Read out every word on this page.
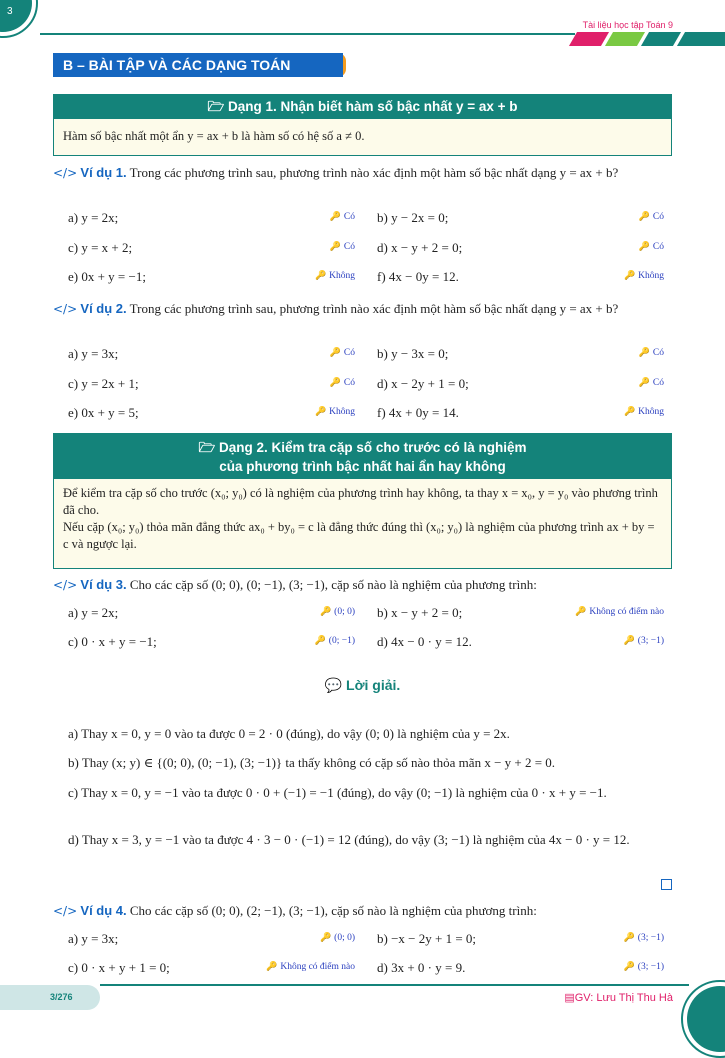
3
Tài liệu học tập Toán 9
B – BÀI TẬP VÀ CÁC DẠNG TOÁN
🗁 Dạng 1. Nhận biết hàm số bậc nhất y = ax + b
Hàm số bậc nhất một ẩn y = ax + b là hàm số có hệ số a ≠ 0.
</> Ví dụ 1. Trong các phương trình sau, phương trình nào xác định một hàm số bậc nhất dạng y = ax + b?
a) y = 2x;	🔑 Có b) y − 2x = 0;	🔑 Có
c) y = x + 2;	🔑 Có d) x − y + 2 = 0;	🔑 Có
e) 0x + y = −1;	🔑 Không f) 4x − 0y = 12.	🔑 Không
</> Ví dụ 2. Trong các phương trình sau, phương trình nào xác định một hàm số bậc nhất dạng y = ax + b?
a) y = 3x;	🔑 Có b) y − 3x = 0;	🔑 Có
c) y = 2x + 1;	🔑 Có d) x − 2y + 1 = 0;	🔑 Có
e) 0x + y = 5;	🔑 Không f) 4x + 0y = 14.	🔑 Không
🗁 Dạng 2. Kiểm tra cặp số cho trước có là nghiệm
của phương trình bậc nhất hai ẩn hay không
Để kiểm tra cặp số cho trước (x₀; y₀) có là nghiệm của phương trình hay không, ta thay x = x₀, y = y₀ vào phương trình đã cho.
Nếu cặp (x₀; y₀) thỏa mãn đẳng thức ax₀ + by₀ = c là đẳng thức đúng thì (x₀; y₀) là nghiệm của phương trình ax + by = c và ngược lại.
</> Ví dụ 3. Cho các cặp số (0; 0), (0; −1), (3; −1), cặp số nào là nghiệm của phương trình:
a) y = 2x;	🔑 (0; 0) b) x − y + 2 = 0;	🔑 Không có điểm nào
c) 0 · x + y = −1;	🔑 (0; −1) d) 4x − 0 · y = 12.	🔑 (3; −1)
💬 Lời giải.
a) Thay x = 0, y = 0 vào ta được 0 = 2 · 0 (đúng), do vậy (0; 0) là nghiệm của y = 2x.
b) Thay (x; y) ∈ {(0; 0), (0; −1), (3; −1)} ta thấy không có cặp số nào thỏa mãn x − y + 2 = 0.
c) Thay x = 0, y = −1 vào ta được 0 · 0 + (−1) = −1 (đúng), do vậy (0; −1) là nghiệm của 0 · x + y = −1.
d) Thay x = 3, y = −1 vào ta được 4 · 3 − 0 · (−1) = 12 (đúng), do vậy (3; −1) là nghiệm của 4x − 0 · y = 12.
</> Ví dụ 4. Cho các cặp số (0; 0), (2; −1), (3; −1), cặp số nào là nghiệm của phương trình:
a) y = 3x;	🔑 (0; 0) b) −x − 2y + 1 = 0;	🔑 (3; −1)
c) 0 · x + y + 1 = 0;	🔑 Không có điểm nào d) 3x + 0 · y = 9.	🔑 (3; −1)
3/276	▤GV: Lưu Thị Thu Hà
